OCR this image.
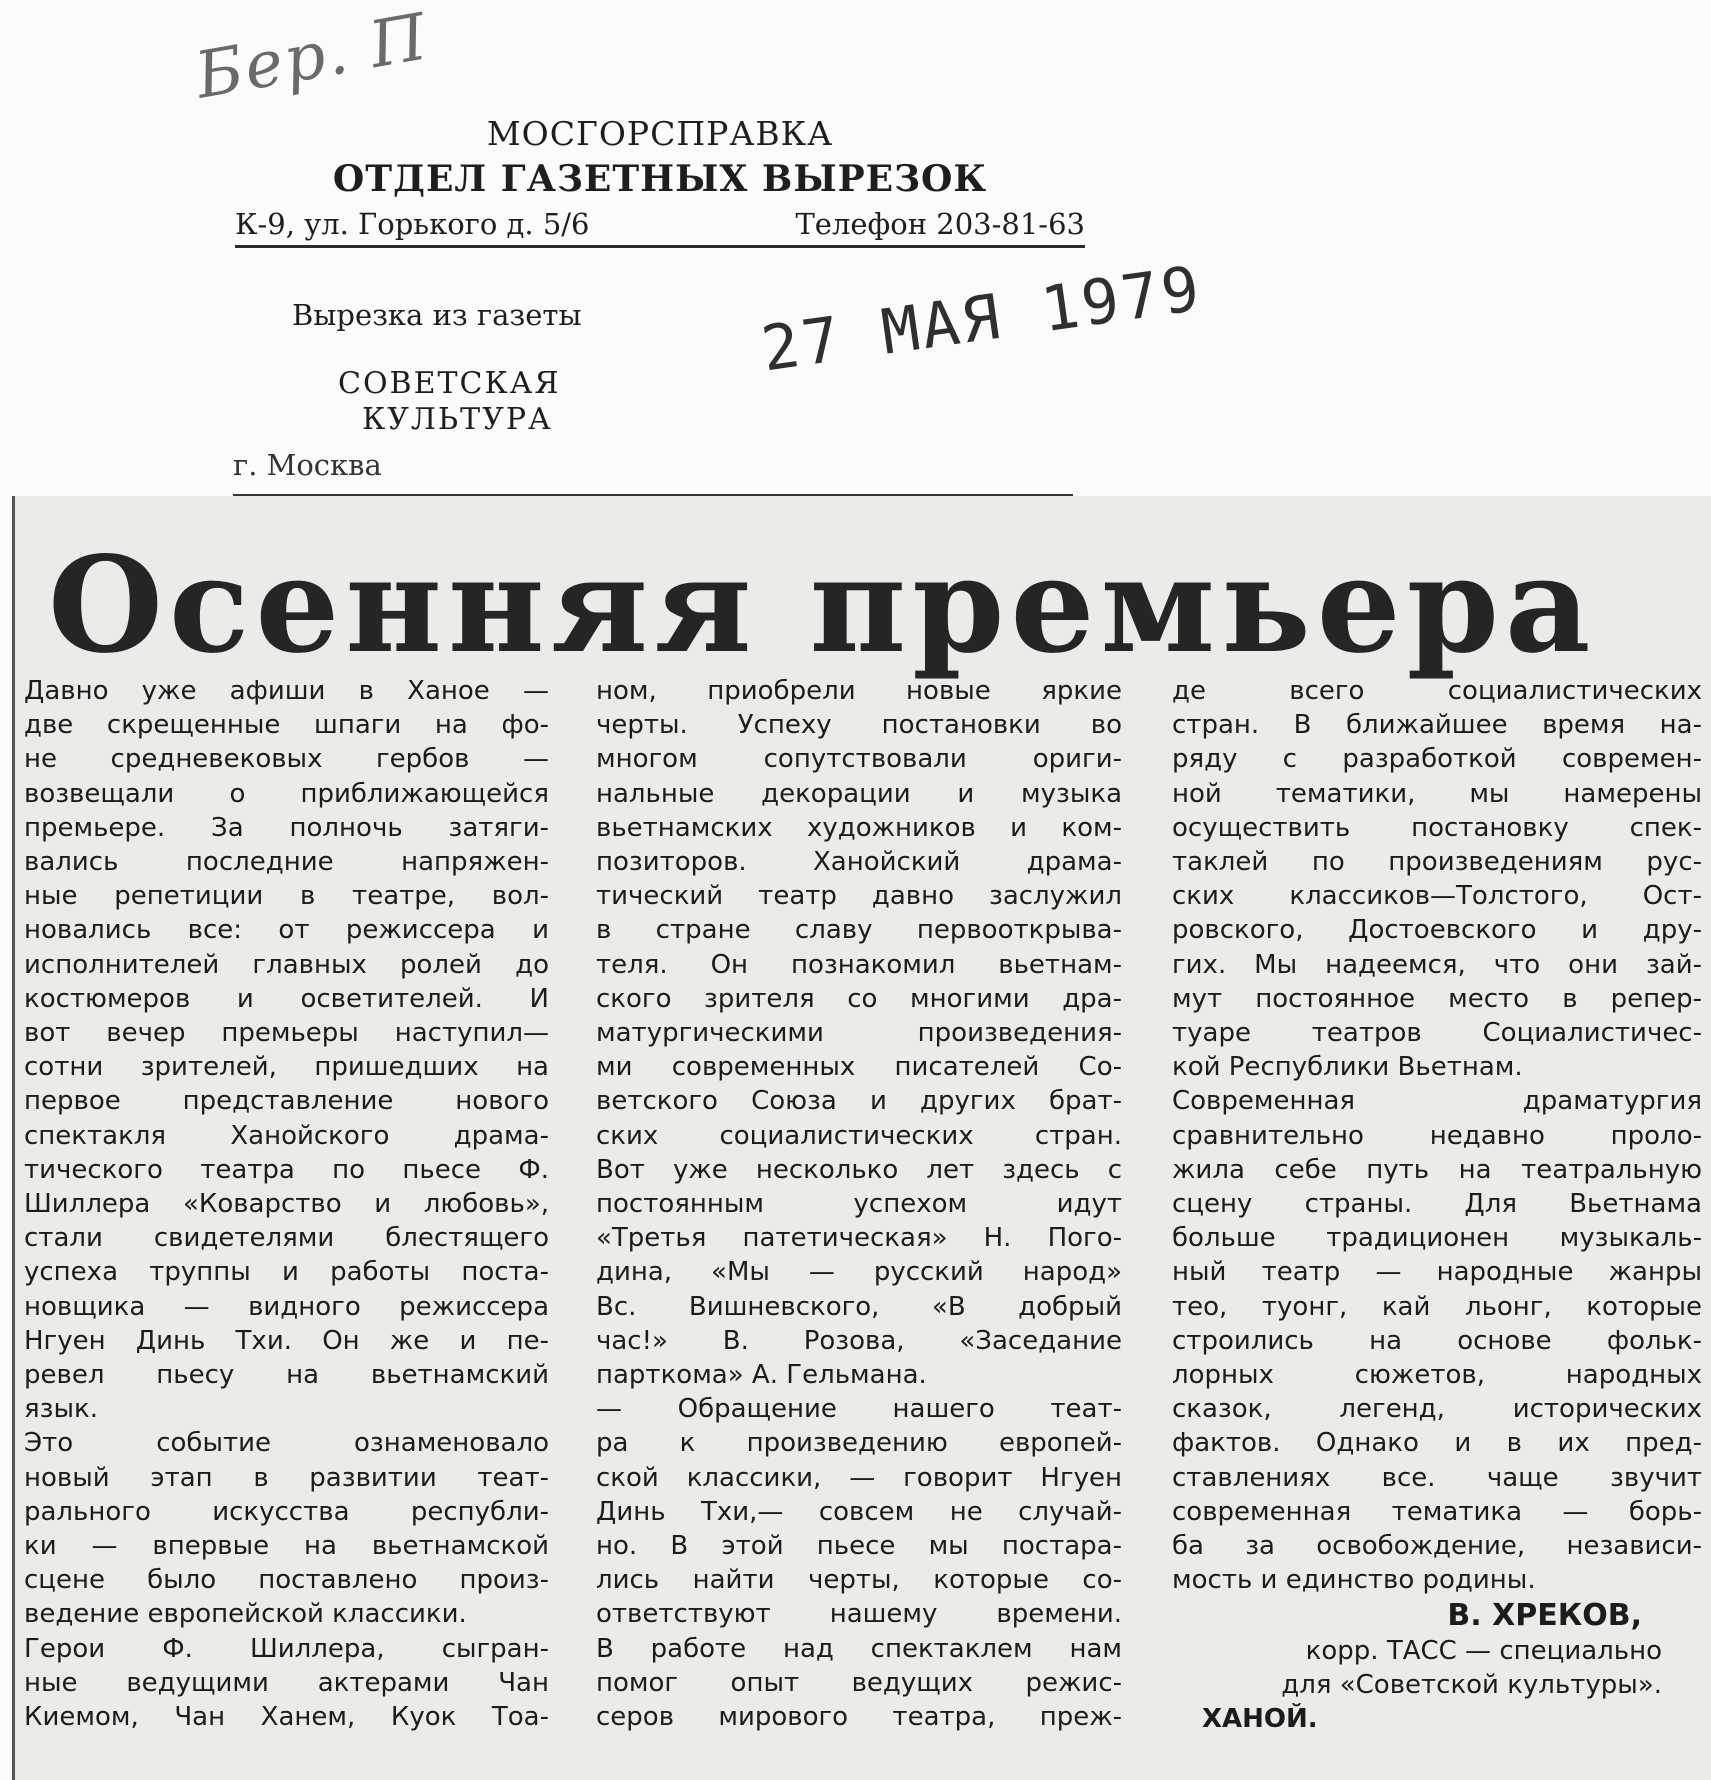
Бер. П
МОСГОРСПРАВКА
ОТДЕЛ ГАЗЕТНЫХ ВЫРЕЗОК
К-9, ул. Горького д. 5/6	Телефон 203-81-63
Вырезка из газеты
СОВЕТСКАЯ
КУЛЬТУРА
г. Москва
27 МАЯ 1979
Осенняя премьера
Давно уже афиши в Ханое —
две скрещенные шпаги на фо-
не средневековых гербов —
возвещали о приближающейся
премьере. За полночь затяги-
вались последние напряжен-
ные репетиции в театре, вол-
новались все: от режиссера и
исполнителей главных ролей до
костюмеров и осветителей. И
вот вечер премьеры наступил—
сотни зрителей, пришедших на
первое представление нового
спектакля Ханойского драма-
тического театра по пьесе Ф.
Шиллера «Коварство и любовь»,
стали свидетелями блестящего
успеха труппы и работы поста-
новщика — видного режиссера
Нгуен Динь Тхи. Он же и пе-
ревел пьесу на вьетнамский
язык.
Это событие ознаменовало
новый этап в развитии теат-
рального искусства республи-
ки — впервые на вьетнамской
сцене было поставлено произ-
ведение европейской классики.
Герои Ф. Шиллера, сыгран-
ные ведущими актерами Чан
Киемом, Чан Ханем, Куок Тоа-
ном, приобрели новые яркие
черты. Успеху постановки во
многом сопутствовали ориги-
нальные декорации и музыка
вьетнамских художников и ком-
позиторов. Ханойский драма-
тический театр давно заслужил
в стране славу первооткрыва-
теля. Он познакомил вьетнам-
ского зрителя со многими дра-
матургическими произведения-
ми современных писателей Со-
ветского Союза и других брат-
ских социалистических стран.
Вот уже несколько лет здесь с
постоянным успехом идут
«Третья патетическая» Н. Пого-
дина, «Мы — русский народ»
Вс. Вишневского, «В добрый
час!» В. Розова, «Заседание
парткома» А. Гельмана.
— Обращение нашего теат-
ра к произведению европей-
ской классики, — говорит Нгуен
Динь Тхи,— совсем не случай-
но. В этой пьесе мы постара-
лись найти черты, которые со-
ответствуют нашему времени.
В работе над спектаклем нам
помог опыт ведущих режис-
серов мирового театра, преж-
де всего социалистических
стран. В ближайшее время на-
ряду с разработкой современ-
ной тематики, мы намерены
осуществить постановку спек-
таклей по произведениям рус-
ских классиков—Толстого, Ост-
ровского, Достоевского и дру-
гих. Мы надеемся, что они зай-
мут постоянное место в репер-
туаре театров Социалистичес-
кой Республики Вьетнам.
Современная драматургия
сравнительно недавно проло-
жила себе путь на театральную
сцену страны. Для Вьетнама
больше традиционен музыкаль-
ный театр — народные жанры
тео, туонг, кай льонг, которые
строились на основе фольк-
лорных сюжетов, народных
сказок, легенд, исторических
фактов. Однако и в их пред-
ставлениях все. чаще звучит
современная тематика — борь-
ба за освобождение, независи-
мость и единство родины.
В. ХРЕКОВ,
корр. ТАСС — специально
для «Советской культуры».
ХАНОЙ.
